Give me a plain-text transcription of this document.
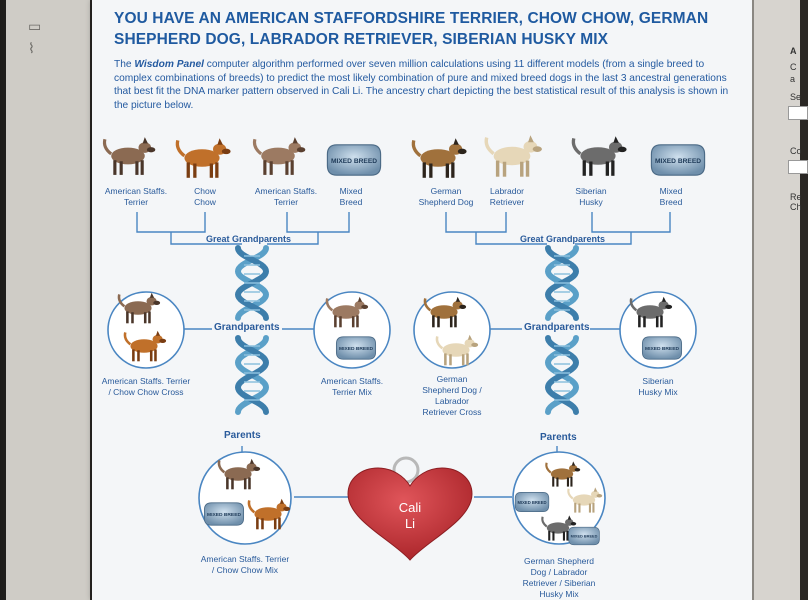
▭
⌇
YOU HAVE AN AMERICAN STAFFORDSHIRE TERRIER, CHOW CHOW, GERMAN SHEPHERD DOG, LABRADOR RETRIEVER, SIBERIAN HUSKY MIX
The Wisdom Panel computer algorithm performed over seven million calculations using 11 different models (from a single breed to complex combinations of breeds) to predict the most likely combination of pure and mixed breed dogs in the last 3 ancestral generations that best fit the DNA marker pattern observed in Cali Li. The ancestry chart depicting the best statistical result of this analysis is shown in the picture below.
MIXED BREED	MIXED BREED
MIXED BREED	MIXED BREED
MIXED BREED
MIXED BREED
MIXED BREED
American Staffs.
Terrier
Chow
Chow
American Staffs.
Terrier
Mixed
Breed
German
Shepherd Dog
Labrador
Retriever
Siberian
Husky
Mixed
Breed
Great Grandparents	Great Grandparents
Grandparents	Grandparents
Parents	Parents
American Staffs. Terrier
/ Chow Chow Cross
American Staffs.
Terrier Mix
German
Shepherd Dog /
Labrador
Retriever Cross
Siberian
Husky Mix
American Staffs. Terrier
/ Chow Chow Mix
German Shepherd
Dog / Labrador
Retriever / Siberian
Husky Mix
Cali
Li
A
C
a
Se
Co
Re
Ch
